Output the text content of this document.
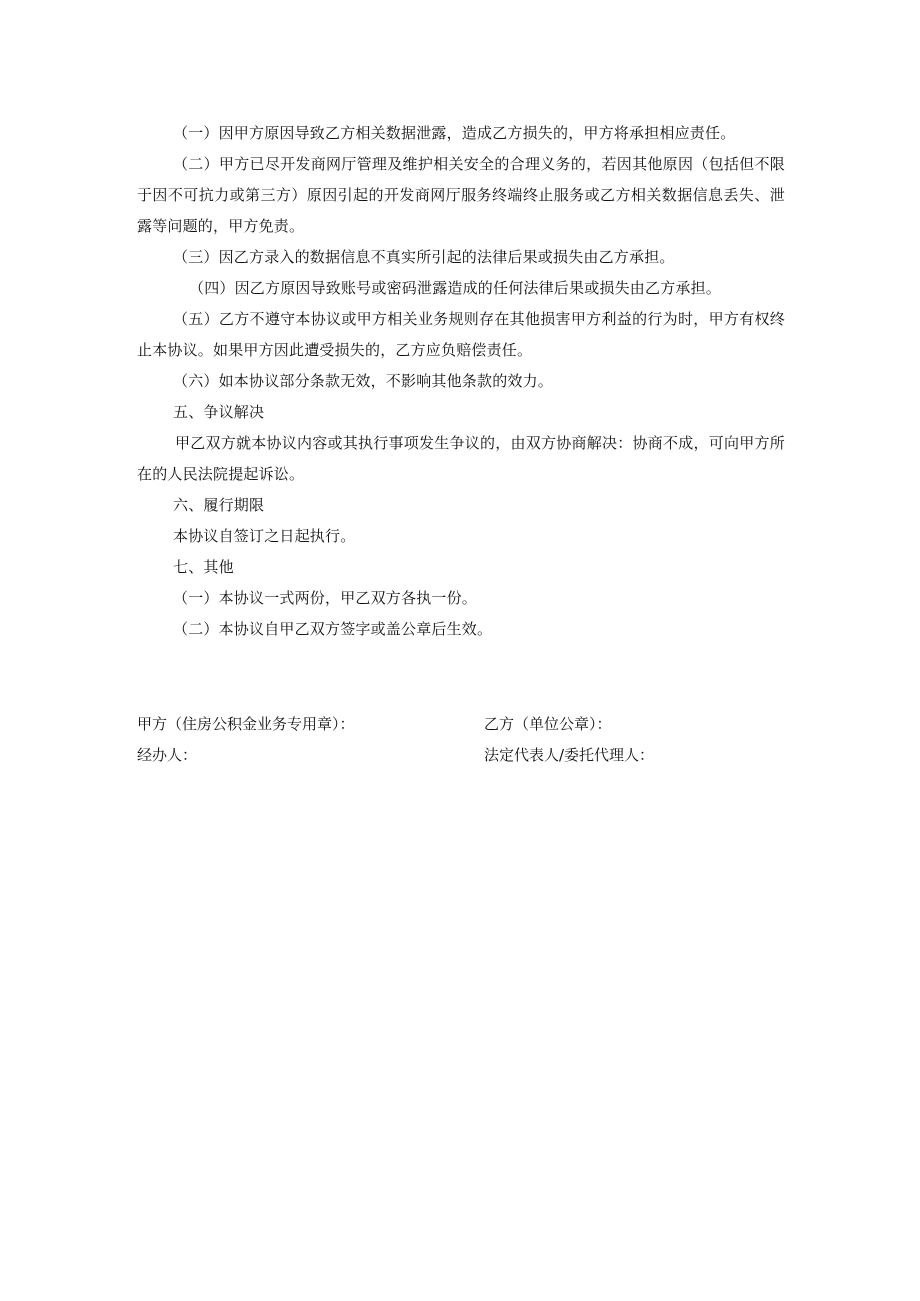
（一）因甲方原因导致乙方相关数据泄露，造成乙方损失的，甲方将承担相应责任。

（二）甲方已尽开发商网厅管理及维护相关安全的合理义务的，若因其他原因（包括但不限于因不可抗力或第三方）原因引起的开发商网厅服务终端终止服务或乙方相关数据信息丢失、泄露等问题的，甲方免责。

（三）因乙方录入的数据信息不真实所引起的法律后果或损失由乙方承担。

（四）因乙方原因导致账号或密码泄露造成的任何法律后果或损失由乙方承担。

（五）乙方不遵守本协议或甲方相关业务规则存在其他损害甲方利益的行为时，甲方有权终止本协议。如果甲方因此遭受损失的，乙方应负赔偿责任。

（六）如本协议部分条款无效，不影响其他条款的效力。

五、争议解决

甲乙双方就本协议内容或其执行事项发生争议的，由双方协商解决：协商不成，可向甲方所在的人民法院提起诉讼。

六、履行期限

本协议自签订之日起执行。

七、其他

（一）本协议一式两份，甲乙双方各执一份。

（二）本协议自甲乙双方签字或盖公章后生效。

甲方（住房公积金业务专用章）：	乙方（单位公章）：
经办人：	法定代表人/委托代理人：
